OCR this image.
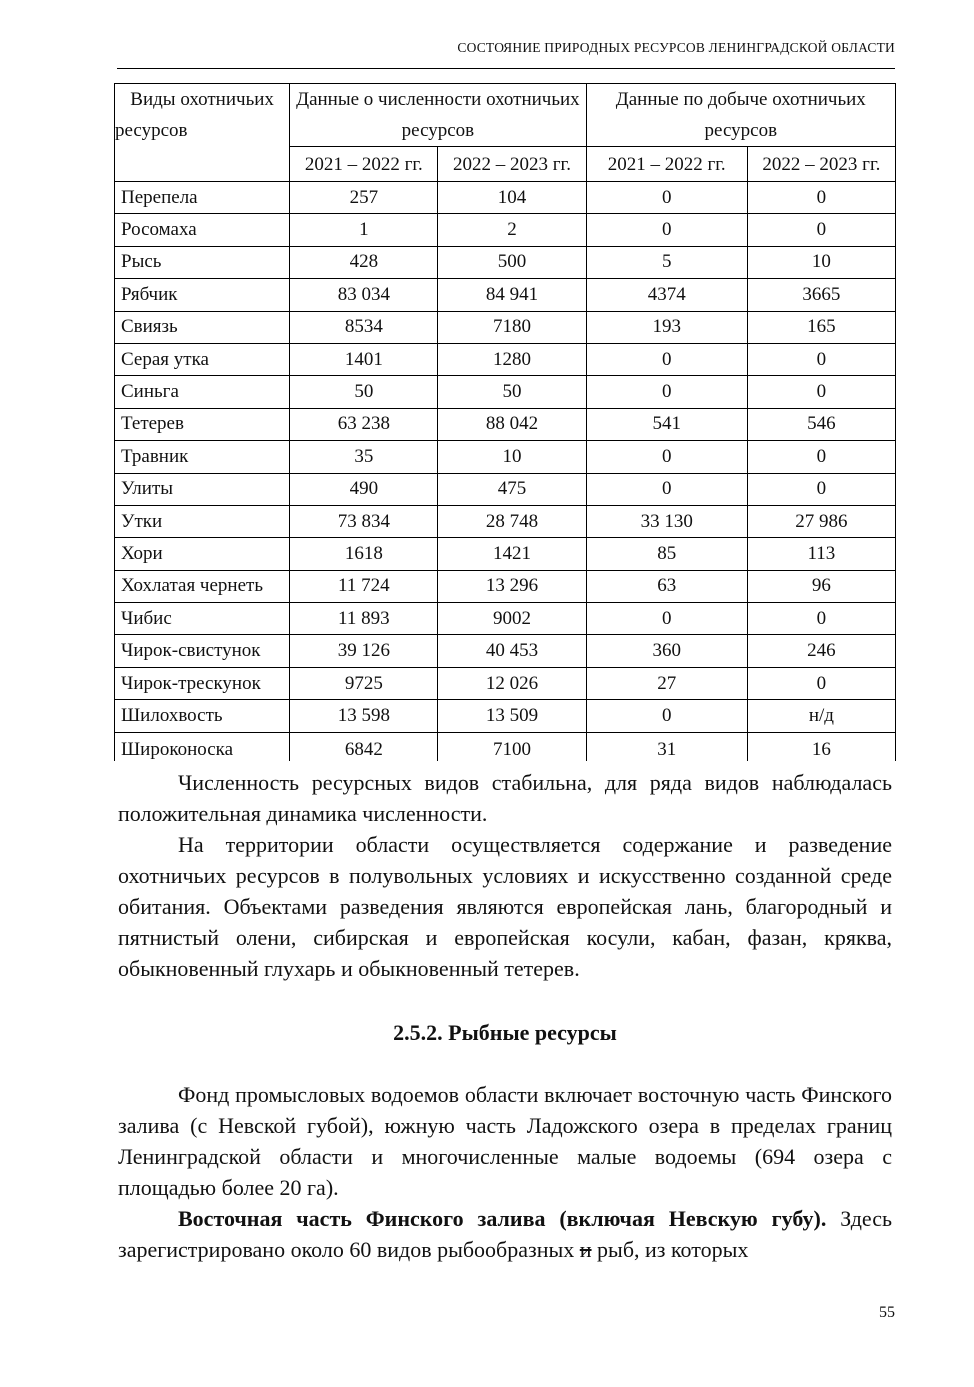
СОСТОЯНИЕ ПРИРОДНЫХ РЕСУРСОВ ЛЕНИНГРАДСКОЙ ОБЛАСТИ
Виды охотничьих ресурсов	Данные о численности охотничьих ресурсов		Данные по добыче охотничьих ресурсов	
	2021 – 2022 гг.	2022 – 2023 гг.	2021 – 2022 гг.	2022 – 2023 гг.
Перепела	257	104	0	0
Росомаха	1	2	0	0
Рысь	428	500	5	10
Рябчик	83 034	84 941	4374	3665
Свиязь	8534	7180	193	165
Серая утка	1401	1280	0	0
Синьга	50	50	0	0
Тетерев	63 238	88 042	541	546
Травник	35	10	0	0
Улиты	490	475	0	0
Утки	73 834	28 748	33 130	27 986
Хори	1618	1421	85	113
Хохлатая чернеть	11 724	13 296	63	96
Чибис	11 893	9002	0	0
Чирок-свистунок	39 126	40 453	360	246
Чирок-трескунок	9725	12 026	27	0
Шилохвость	13 598	13 509	0	н/д
Широконоска	6842	7100	31	16

Численность ресурсных видов стабильна, для ряда видов наблюдалась положительная динамика численности.

На территории области осуществляется содержание и разведение охотничьих ресурсов в полувольных условиях и искусственно созданной среде обитания. Объектами разведения являются европейская лань, благородный и пятнистый олени, сибирская и европейская косули, кабан, фазан, кряква, обыкновенный глухарь и обыкновенный тетерев.

2.5.2. Рыбные ресурсы

Фонд промысловых водоемов области включает восточную часть Финского залива (с Невской губой), южную часть Ладожского озера в пределах границ Ленинградской области и многочисленные малые водоемы (694 озера с площадью более 20 га).

Восточная часть Финского залива (включая Невскую губу). Здесь зарегистрировано около 60 видов рыбообразных и рыб, из которых

55
